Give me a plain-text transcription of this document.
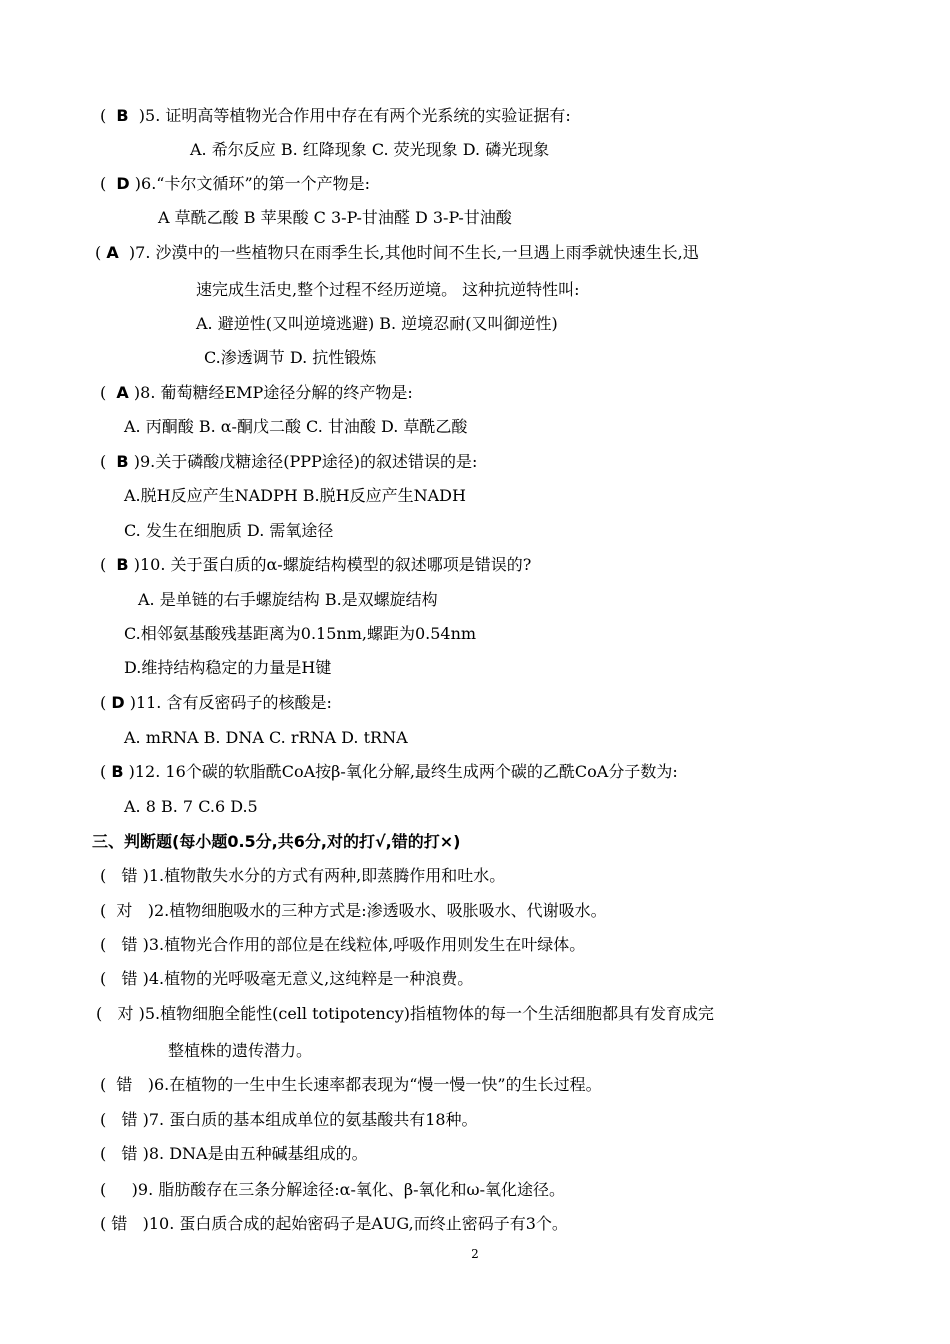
(  B  )5. 证明高等植物光合作用中存在有两个光系统的实验证据有:
A. 希尔反应 B. 红降现象 C. 荧光现象 D. 磷光现象
(  D )6.“卡尔文循环”的第一个产物是:
A 草酰乙酸 B 苹果酸 C 3-P-甘油醛 D 3-P-甘油酸
( A  )7. 沙漠中的一些植物只在雨季生长,其他时间不生长,一旦遇上雨季就快速生长,迅
速完成生活史,整个过程不经历逆境。 这种抗逆特性叫:
A. 避逆性(又叫逆境逃避) B. 逆境忍耐(又叫御逆性)
C.渗透调节 D. 抗性锻炼
(  A )8. 葡萄糖经EMP途径分解的终产物是:
A. 丙酮酸 B. α-酮戊二酸 C. 甘油酸 D. 草酰乙酸
(  B )9.关于磷酸戊糖途径(PPP途径)的叙述错误的是:
A.脱H反应产生NADPH B.脱H反应产生NADH
C. 发生在细胞质 D. 需氧途径
(  B )10. 关于蛋白质的α-螺旋结构模型的叙述哪项是错误的?
A. 是单链的右手螺旋结构 B.是双螺旋结构
C.相邻氨基酸残基距离为0.15nm,螺距为0.54nm
D.维持结构稳定的力量是H键
( D )11. 含有反密码子的核酸是:
A. mRNA B. DNA C. rRNA D. tRNA
( B )12. 16个碳的软脂酰CoA按β-氧化分解,最终生成两个碳的乙酰CoA分子数为:
A. 8 B. 7 C.6 D.5
三、判断题(每小题0.5分,共6分,对的打√,错的打×)
(   错 )1.植物散失水分的方式有两种,即蒸腾作用和吐水。
(  对   )2.植物细胞吸水的三种方式是:渗透吸水、吸胀吸水、代谢吸水。
(   错 )3.植物光合作用的部位是在线粒体,呼吸作用则发生在叶绿体。
(   错 )4.植物的光呼吸毫无意义,这纯粹是一种浪费。
(   对 )5.植物细胞全能性(cell totipotency)指植物体的每一个生活细胞都具有发育成完
整植株的遗传潜力。
(  错   )6.在植物的一生中生长速率都表现为“慢一慢一快”的生长过程。
(   错 )7. 蛋白质的基本组成单位的氨基酸共有18种。
(   错 )8. DNA是由五种碱基组成的。
(     )9. 脂肪酸存在三条分解途径:α-氧化、β-氧化和ω-氧化途径。
( 错   )10. 蛋白质合成的起始密码子是AUG,而终止密码子有3个。
2
